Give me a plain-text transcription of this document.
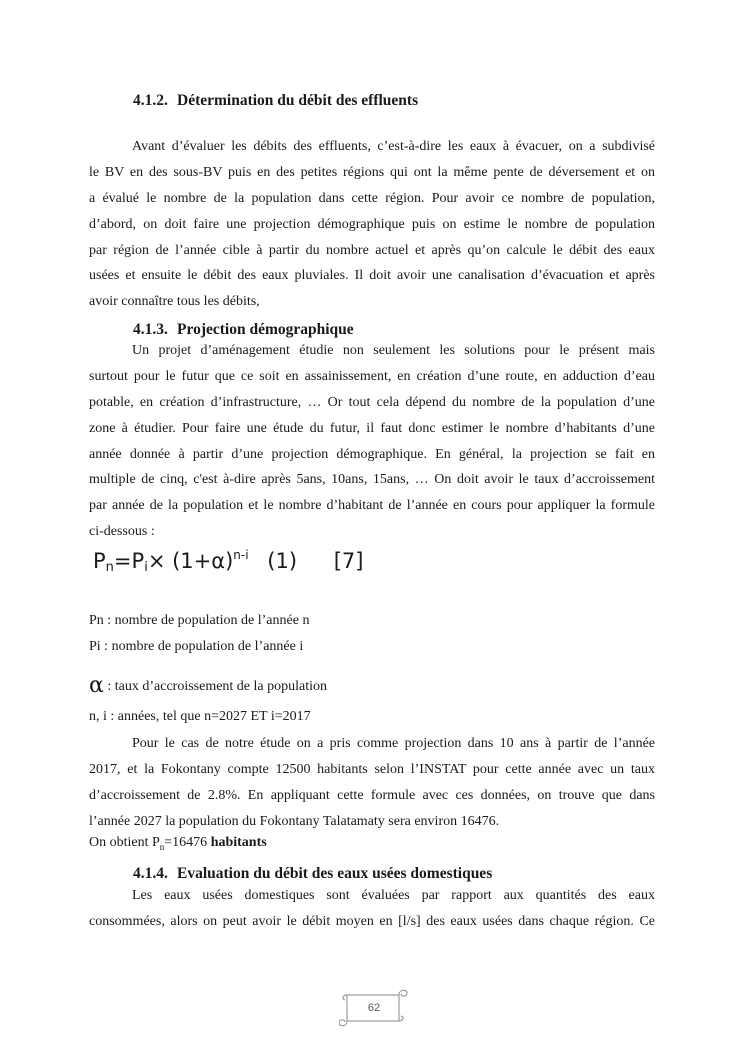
4.1.2. Détermination du débit des effluents
Avant d’évaluer les débits des effluents, c’est-à-dire les eaux à évacuer, on a subdivisé
le BV en des sous-BV puis en des petites régions qui ont la même pente de déversement et on
a évalué le nombre de la population dans cette région. Pour avoir ce nombre de population,
d’abord, on doit faire une projection démographique puis on estime le nombre de population
par région de l’année cible à partir du nombre actuel et après qu’on calcule le débit des eaux
usées et ensuite le débit des eaux pluviales. Il doit avoir une canalisation d’évacuation et après
avoir connaître tous les débits,
4.1.3. Projection démographique
Un projet d’aménagement étudie non seulement les solutions pour le présent mais
surtout pour le futur que ce soit en assainissement, en création d’une route, en adduction d’eau
potable, en création d’infrastructure, … Or tout cela dépend du nombre de la population d’une
zone à étudier. Pour faire une étude du futur, il faut donc estimer le nombre d’habitants d’une
année donnée à partir d’une projection démographique. En général, la projection se fait en
multiple de cinq, c'est à-dire après 5ans, 10ans, 15ans, … On doit avoir le taux d’accroissement
par année de la population et le nombre d’habitant de l’année en cours pour appliquer la formule
ci-dessous :
$P_n=P_i\times (1+\alpha)^{n-i}$ (1) [7]
Pn : nombre de population de l’année n
Pi : nombre de population de l’année i
α : taux d’accroissement de la population
n, i : années, tel que n=2027 ET i=2017
Pour le cas de notre étude on a pris comme projection dans 10 ans à partir de l’année
2017, et la Fokontany compte 12500 habitants selon l’INSTAT pour cette année avec un taux
d’accroissement de 2.8%. En appliquant cette formule avec ces données, on trouve que dans
l’année 2027 la population du Fokontany Talatamaty sera environ 16476.
On obtient $P_n=16476$ habitants
4.1.4. Evaluation du débit des eaux usées domestiques
Les eaux usées domestiques sont évaluées par rapport aux quantités des eaux
consommées, alors on peut avoir le débit moyen en [l/s] des eaux usées dans chaque région. Ce
62
